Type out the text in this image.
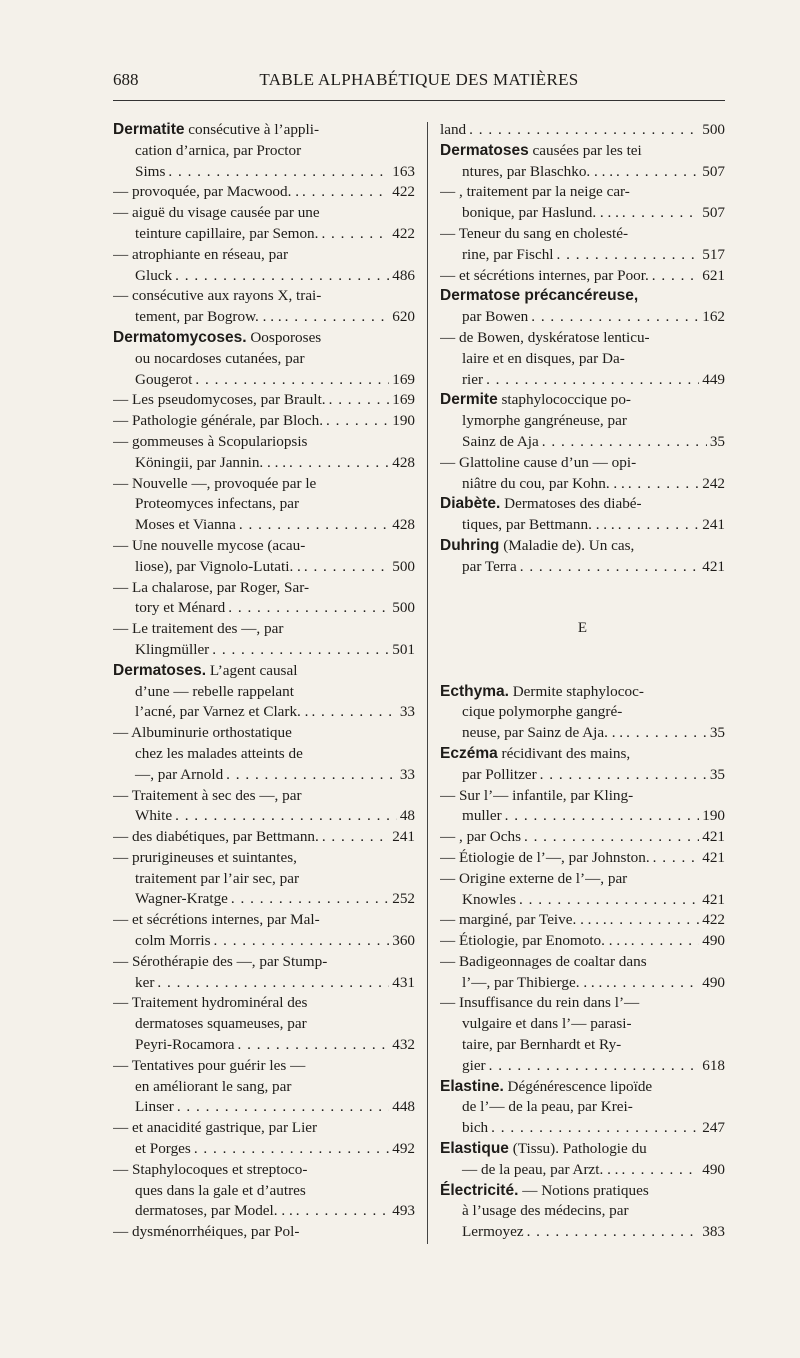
688	TABLE ALPHABÉTIQUE DES MATIÈRES
Dermatite consécutive à l’appli-
cation d’arnica, par Proctor
Sims . . .	163
— provoquée, par Macwood. . . . .	422
— aiguë du visage causée par une
teinture capillaire, par Semon. . . .	422
— atrophiante en réseau, par
Gluck . . .	486
— consécutive aux rayons X, trai-
tement, par Bogrow. . . . . . .	620
Dermatomycoses. Oosporoses
ou nocardoses cutanées, par
Gougerot . . .	169
— Les pseudomycoses, par Brault. . . .	169
— Pathologie générale, par Bloch. . . .	190
— gommeuses à Scopulariopsis
Köningii, par Jannin. . . . . . .	428
— Nouvelle —, provoquée par le
Proteomyces infectans, par
Moses et Vianna . . .	428
— Une nouvelle mycose (acau-
liose), par Vignolo-Lutati. . . . .	500
— La chalarose, par Roger, Sar-
tory et Ménard . . .	500
— Le traitement des —, par
Klingmüller . . .	501
Dermatoses. L’agent causal
d’une — rebelle rappelant
l’acné, par Varnez et Clark. . . . .	33
— Albuminurie orthostatique
chez les malades atteints de
—, par Arnold . . .	33
— Traitement à sec des —, par
White . . .	48
— des diabétiques, par Bettmann. . . .	241
— prurigineuses et suintantes,
traitement par l’air sec, par
Wagner-Kratge . . .	252
— et sécrétions internes, par Mal-
colm Morris . . .	360
— Sérothérapie des —, par Stump-
ker . . .	431
— Traitement hydrominéral des
dermatoses squameuses, par
Peyri-Rocamora . . .	432
— Tentatives pour guérir les —
en améliorant le sang, par
Linser . . .	448
— et anacidité gastrique, par Lier
et Porges . . .	492
— Staphylocoques et streptoco-
ques dans la gale et d’autres
dermatoses, par Model. . . . . .	493
— dysménorrhéiques, par Pol-
land . . .	500
Dermatoses causées par les tei
ntures, par Blaschko. . . . . . .	507
— , traitement par la neige car-
bonique, par Haslund. . . . . . .	507
— Teneur du sang en cholesté-
rine, par Fischl . . .	517
— et sécrétions internes, par Poor. . . .	621
Dermatose précancéreuse,
par Bowen . . .	162
— de Bowen, dyskératose lenticu-
laire et en disques, par Da-
rier . . .	449
Dermite staphylococcique po-
lymorphe gangréneuse, par
Sainz de Aja . . .	35
— Glattoline cause d’un — opi-
niâtre du cou, par Kohn. . . . . .	242
Diabète. Dermatoses des diabé-
tiques, par Bettmann. . . . . . .	241
Duhring (Maladie de). Un cas,
par Terra . . .	421
E
Ecthyma. Dermite staphylococ-
cique polymorphe gangré-
neuse, par Sainz de Aja. . . . . .	35
Eczéma récidivant des mains,
par Pollitzer . . .	35
— Sur l’— infantile, par Kling-
muller . . .	190
— , par Ochs . . .	421
— Étiologie de l’—, par Johnston. . . .	421
— Origine externe de l’—, par
Knowles . . .	421
— marginé, par Teive. . . . . . . .	422
— Étiologie, par Enomoto. . . . . . .	490
— Badigeonnages de coaltar dans
l’—, par Thibierge. . . . . . . .	490
— Insuffisance du rein dans l’—
vulgaire et dans l’— parasi-
taire, par Bernhardt et Ry-
gier . . .	618
Elastine. Dégénérescence lipoïde
de l’— de la peau, par Krei-
bich . . .	247
Elastique (Tissu). Pathologie du
— de la peau, par Arzt. . . . . .	490
Électricité. — Notions pratiques
à l’usage des médecins, par
Lermoyez . . .	383
